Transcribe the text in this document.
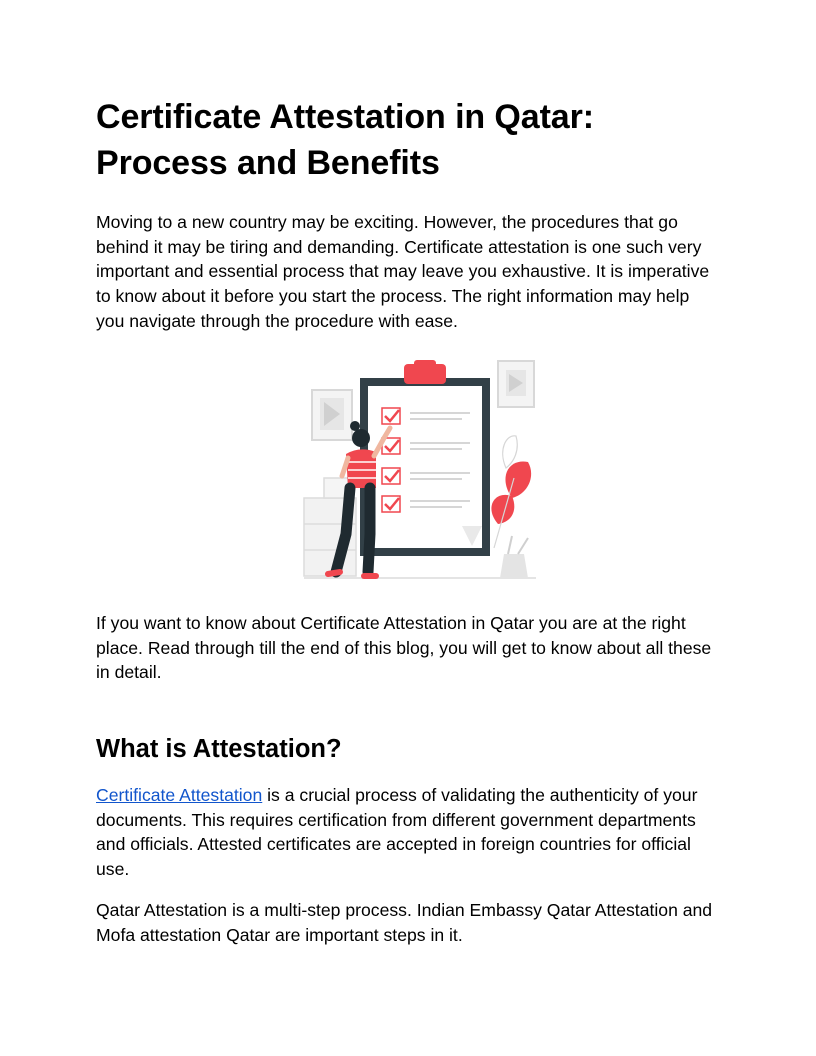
Certificate Attestation in Qatar:
Process and Benefits

Moving to a new country may be exciting. However, the procedures that go behind it may be tiring and demanding. Certificate attestation is one such very important and essential process that may leave you exhaustive. It is imperative to know about it before you start the process. The right information may help you navigate through the procedure with ease.

If you want to know about Certificate Attestation in Qatar you are at the right place. Read through till the end of this blog, you will get to know about all these in detail.

What is Attestation?

Certificate Attestation is a crucial process of validating the authenticity of your documents. This requires certification from different government departments and officials. Attested certificates are accepted in foreign countries for official use.

Qatar Attestation is a multi-step process. Indian Embassy Qatar Attestation and Mofa attestation Qatar are important steps in it.
